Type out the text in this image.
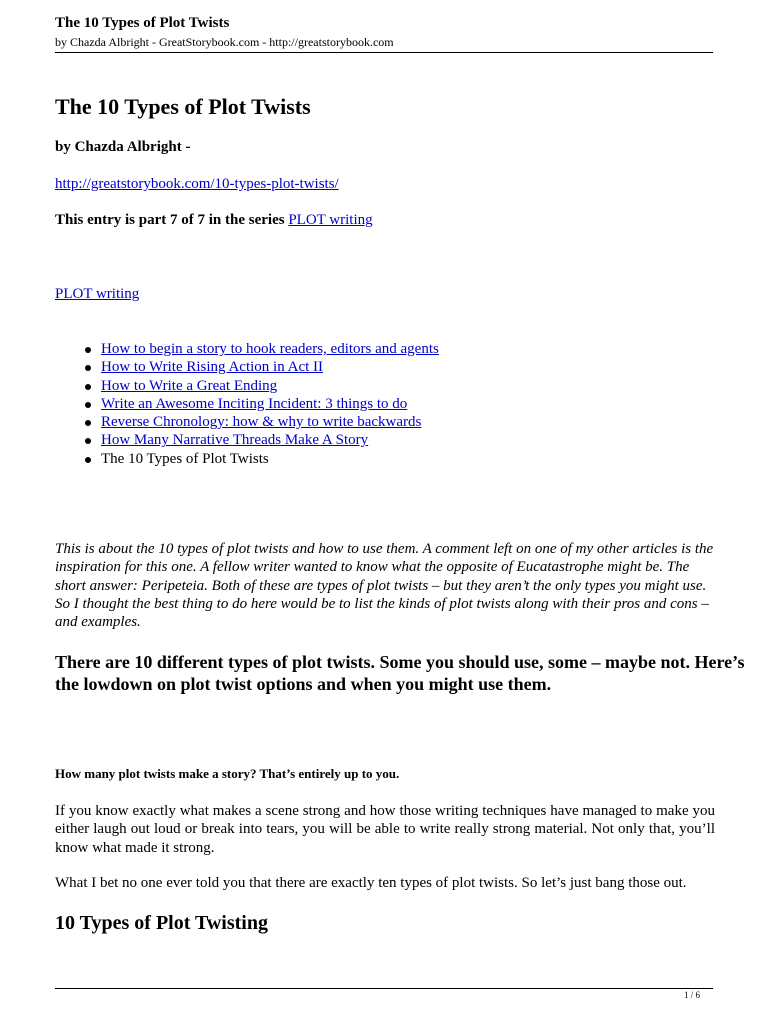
The 10 Types of Plot Twists
by Chazda Albright - GreatStorybook.com - http://greatstorybook.com
The 10 Types of Plot Twists
by Chazda Albright -
http://greatstorybook.com/10-types-plot-twists/
This entry is part 7 of 7 in the series PLOT writing
PLOT writing
How to begin a story to hook readers, editors and agents
How to Write Rising Action in Act II
How to Write a Great Ending
Write an Awesome Inciting Incident: 3 things to do
Reverse Chronology: how & why to write backwards
How Many Narrative Threads Make A Story
The 10 Types of Plot Twists
This is about the 10 types of plot twists and how to use them. A comment left on one of my other articles is the inspiration for this one. A fellow writer wanted to know what the opposite of Eucatastrophe might be. The short answer: Peripeteia. Both of these are types of plot twists – but they aren’t the only types you might use. So I thought the best thing to do here would be to list the kinds of plot twists along with their pros and cons – and examples.
There are 10 different types of plot twists. Some you should use, some – maybe not. Here’s the lowdown on plot twist options and when you might use them.
How many plot twists make a story? That’s entirely up to you.
If you know exactly what makes a scene strong and how those writing techniques have managed to make you either laugh out loud or break into tears, you will be able to write really strong material. Not only that, you’ll know what made it strong.
What I bet no one ever told you that there are exactly ten types of plot twists. So let’s just bang those out.
10 Types of Plot Twisting
1 / 6
